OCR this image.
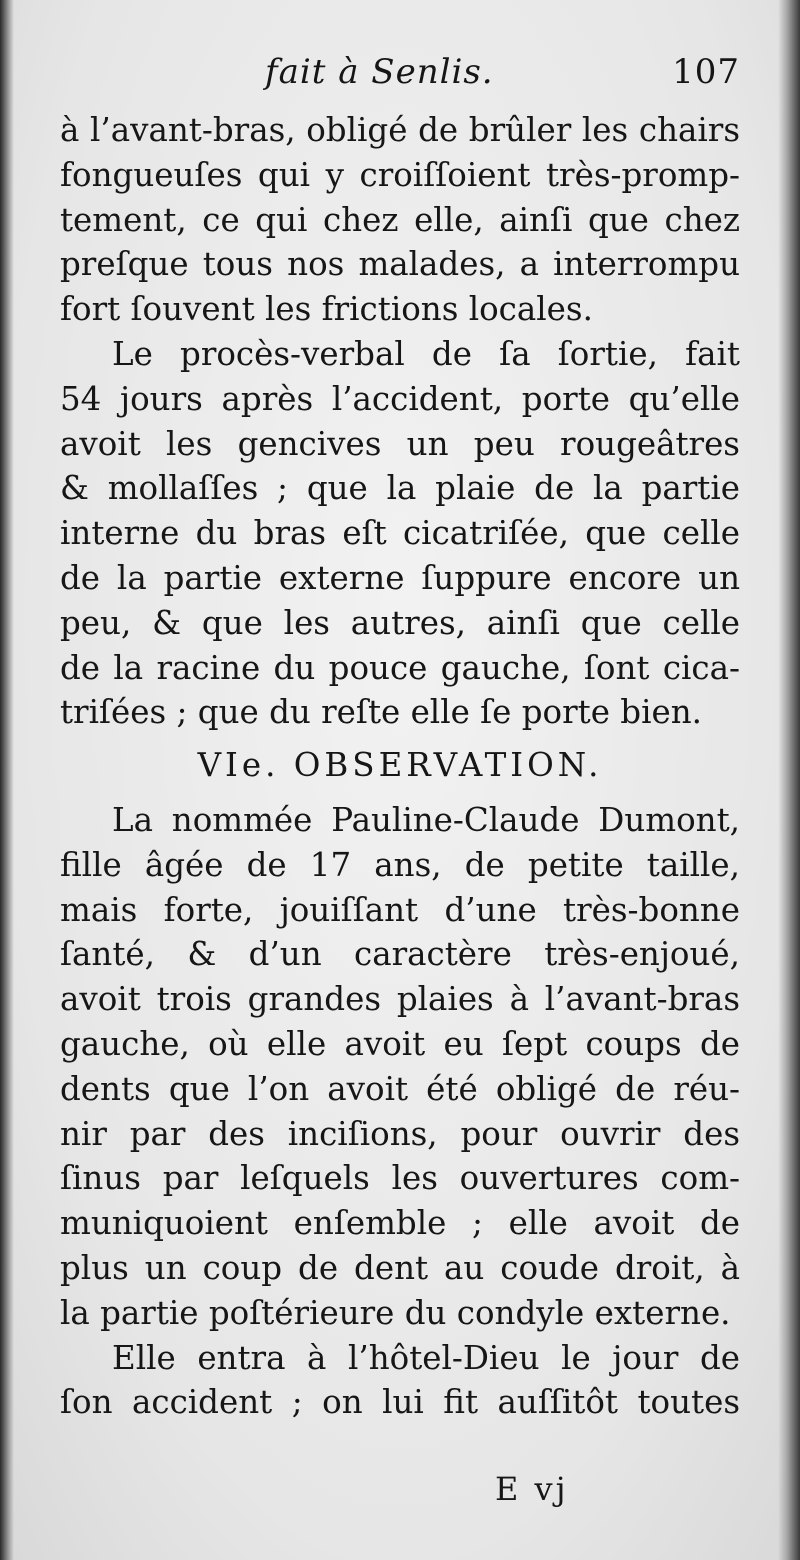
fait à Senlis.	107
à l’avant-bras, obligé de brûler les chairs
fongueuſes qui y croiſſoient très-promp-
tement, ce qui chez elle, ainſi que chez
preſque tous nos malades, a interrompu
fort ſouvent les frictions locales.
Le procès-verbal de ſa ſortie, fait
54 jours après l’accident, porte qu’elle
avoit les gencives un peu rougeâtres
& mollaſſes ; que la plaie de la partie
interne du bras eſt cicatriſée, que celle
de la partie externe ſuppure encore un
peu, & que les autres, ainſi que celle
de la racine du pouce gauche, ſont cica-
triſées ; que du reſte elle ſe porte bien.
VIe. OBSERVATION.
La nommée Pauline-Claude Dumont,
fille âgée de 17 ans, de petite taille,
mais forte, jouiſſant d’une très-bonne
ſanté, & d’un caractère très-enjoué,
avoit trois grandes plaies à l’avant-bras
gauche, où elle avoit eu ſept coups de
dents que l’on avoit été obligé de réu-
nir par des inciſions, pour ouvrir des
ſinus par leſquels les ouvertures com-
muniquoient enſemble ; elle avoit de
plus un coup de dent au coude droit, à
la partie poſtérieure du condyle externe.
Elle entra à l’hôtel-Dieu le jour de
ſon accident ; on lui fit auſſitôt toutes
E vj
